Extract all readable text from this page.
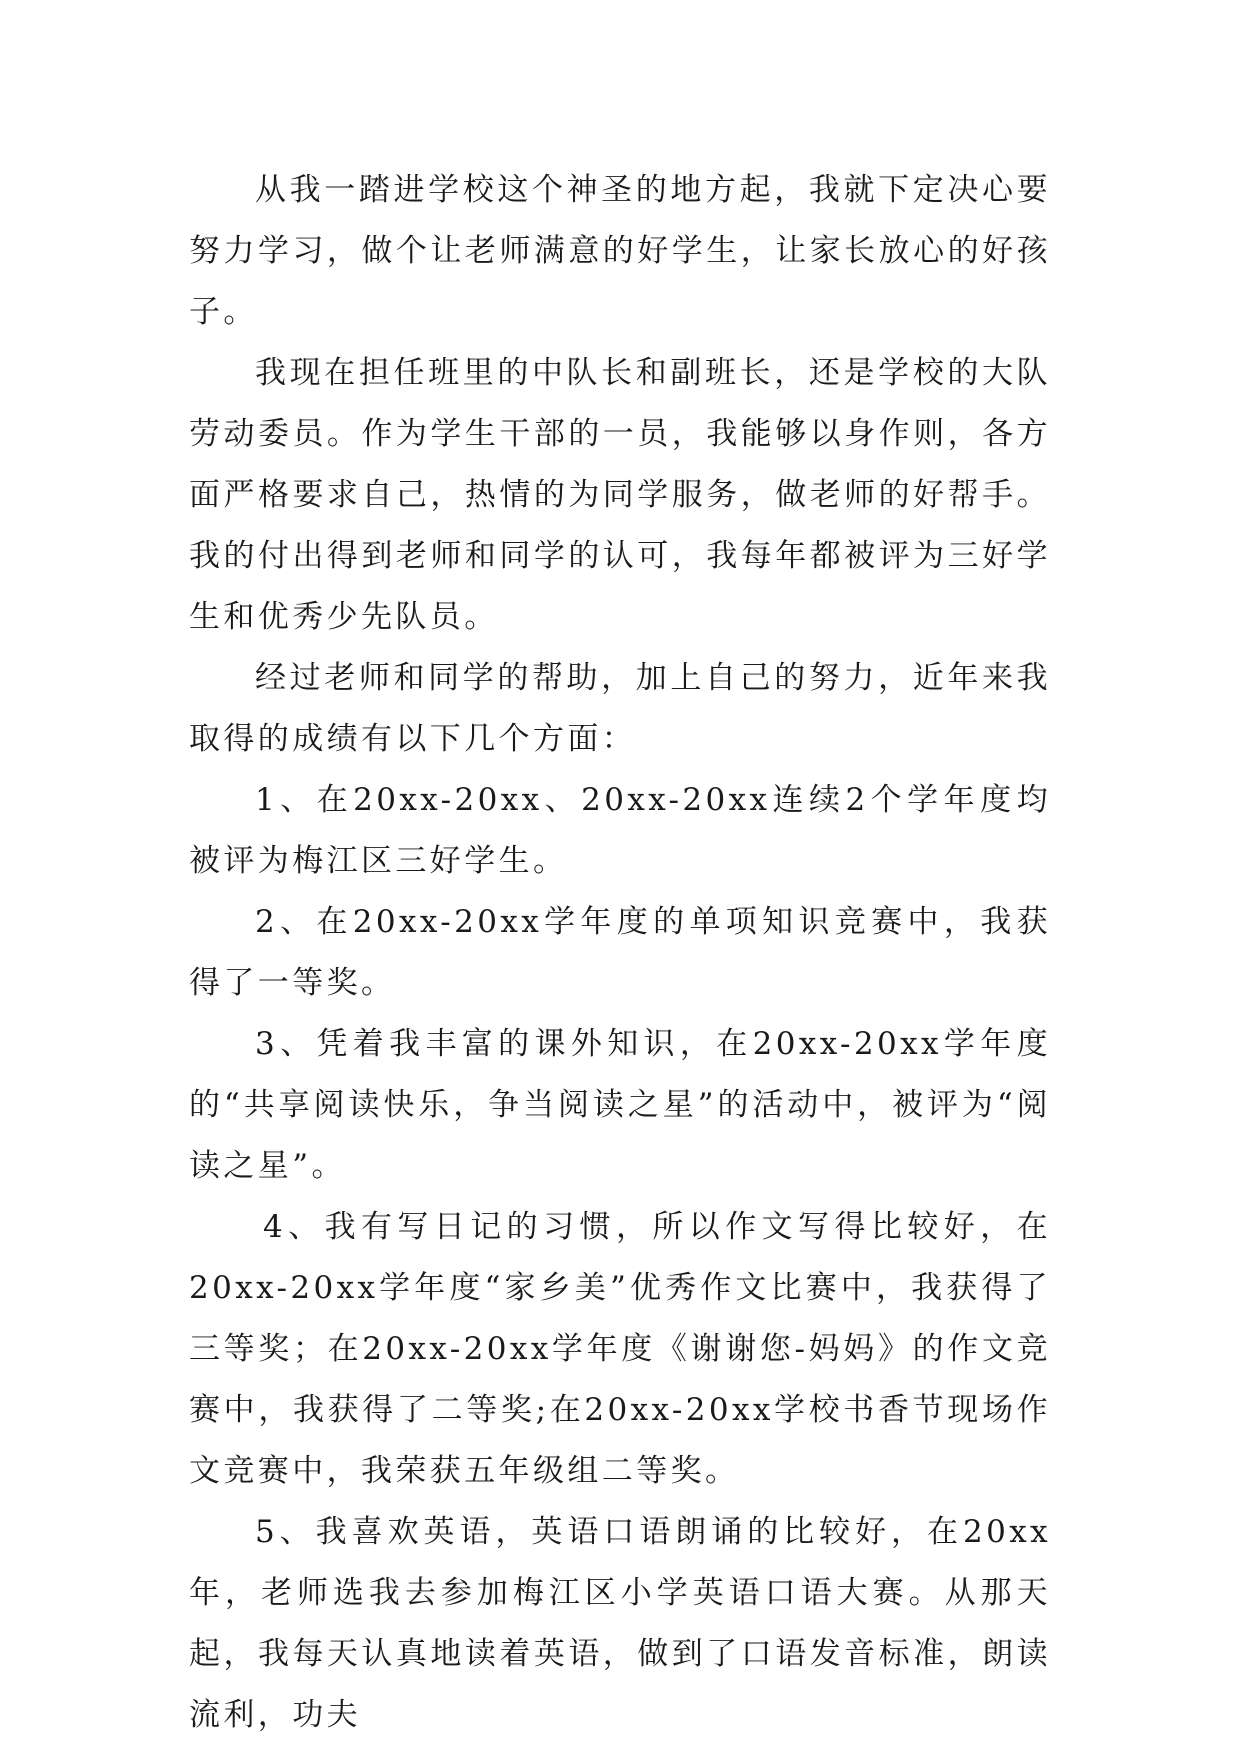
从我一踏进学校这个神圣的地方起，我就下定决心要努力学习，做个让老师满意的好学生，让家长放心的好孩子。

我现在担任班里的中队长和副班长，还是学校的大队劳动委员。作为学生干部的一员，我能够以身作则，各方面严格要求自己，热情的为同学服务，做老师的好帮手。我的付出得到老师和同学的认可，我每年都被评为三好学生和优秀少先队员。

经过老师和同学的帮助，加上自己的努力，近年来我取得的成绩有以下几个方面：

1、在20xx-20xx、20xx-20xx连续2个学年度均被评为梅江区三好学生。

2、在20xx-20xx学年度的单项知识竞赛中，我获得了一等奖。

3、凭着我丰富的课外知识，在20xx-20xx学年度的“共享阅读快乐，争当阅读之星”的活动中，被评为“阅读之星”。

4、我有写日记的习惯，所以作文写得比较好，在20xx-20xx学年度“家乡美”优秀作文比赛中，我获得了三等奖；在20xx-20xx学年度《谢谢您-妈妈》的作文竞赛中，我获得了二等奖;在20xx-20xx学校书香节现场作文竞赛中，我荣获五年级组二等奖。

5、我喜欢英语，英语口语朗诵的比较好，在20xx年，老师选我去参加梅江区小学英语口语大赛。从那天起，我每天认真地读着英语，做到了口语发音标准，朗读流利，功夫
